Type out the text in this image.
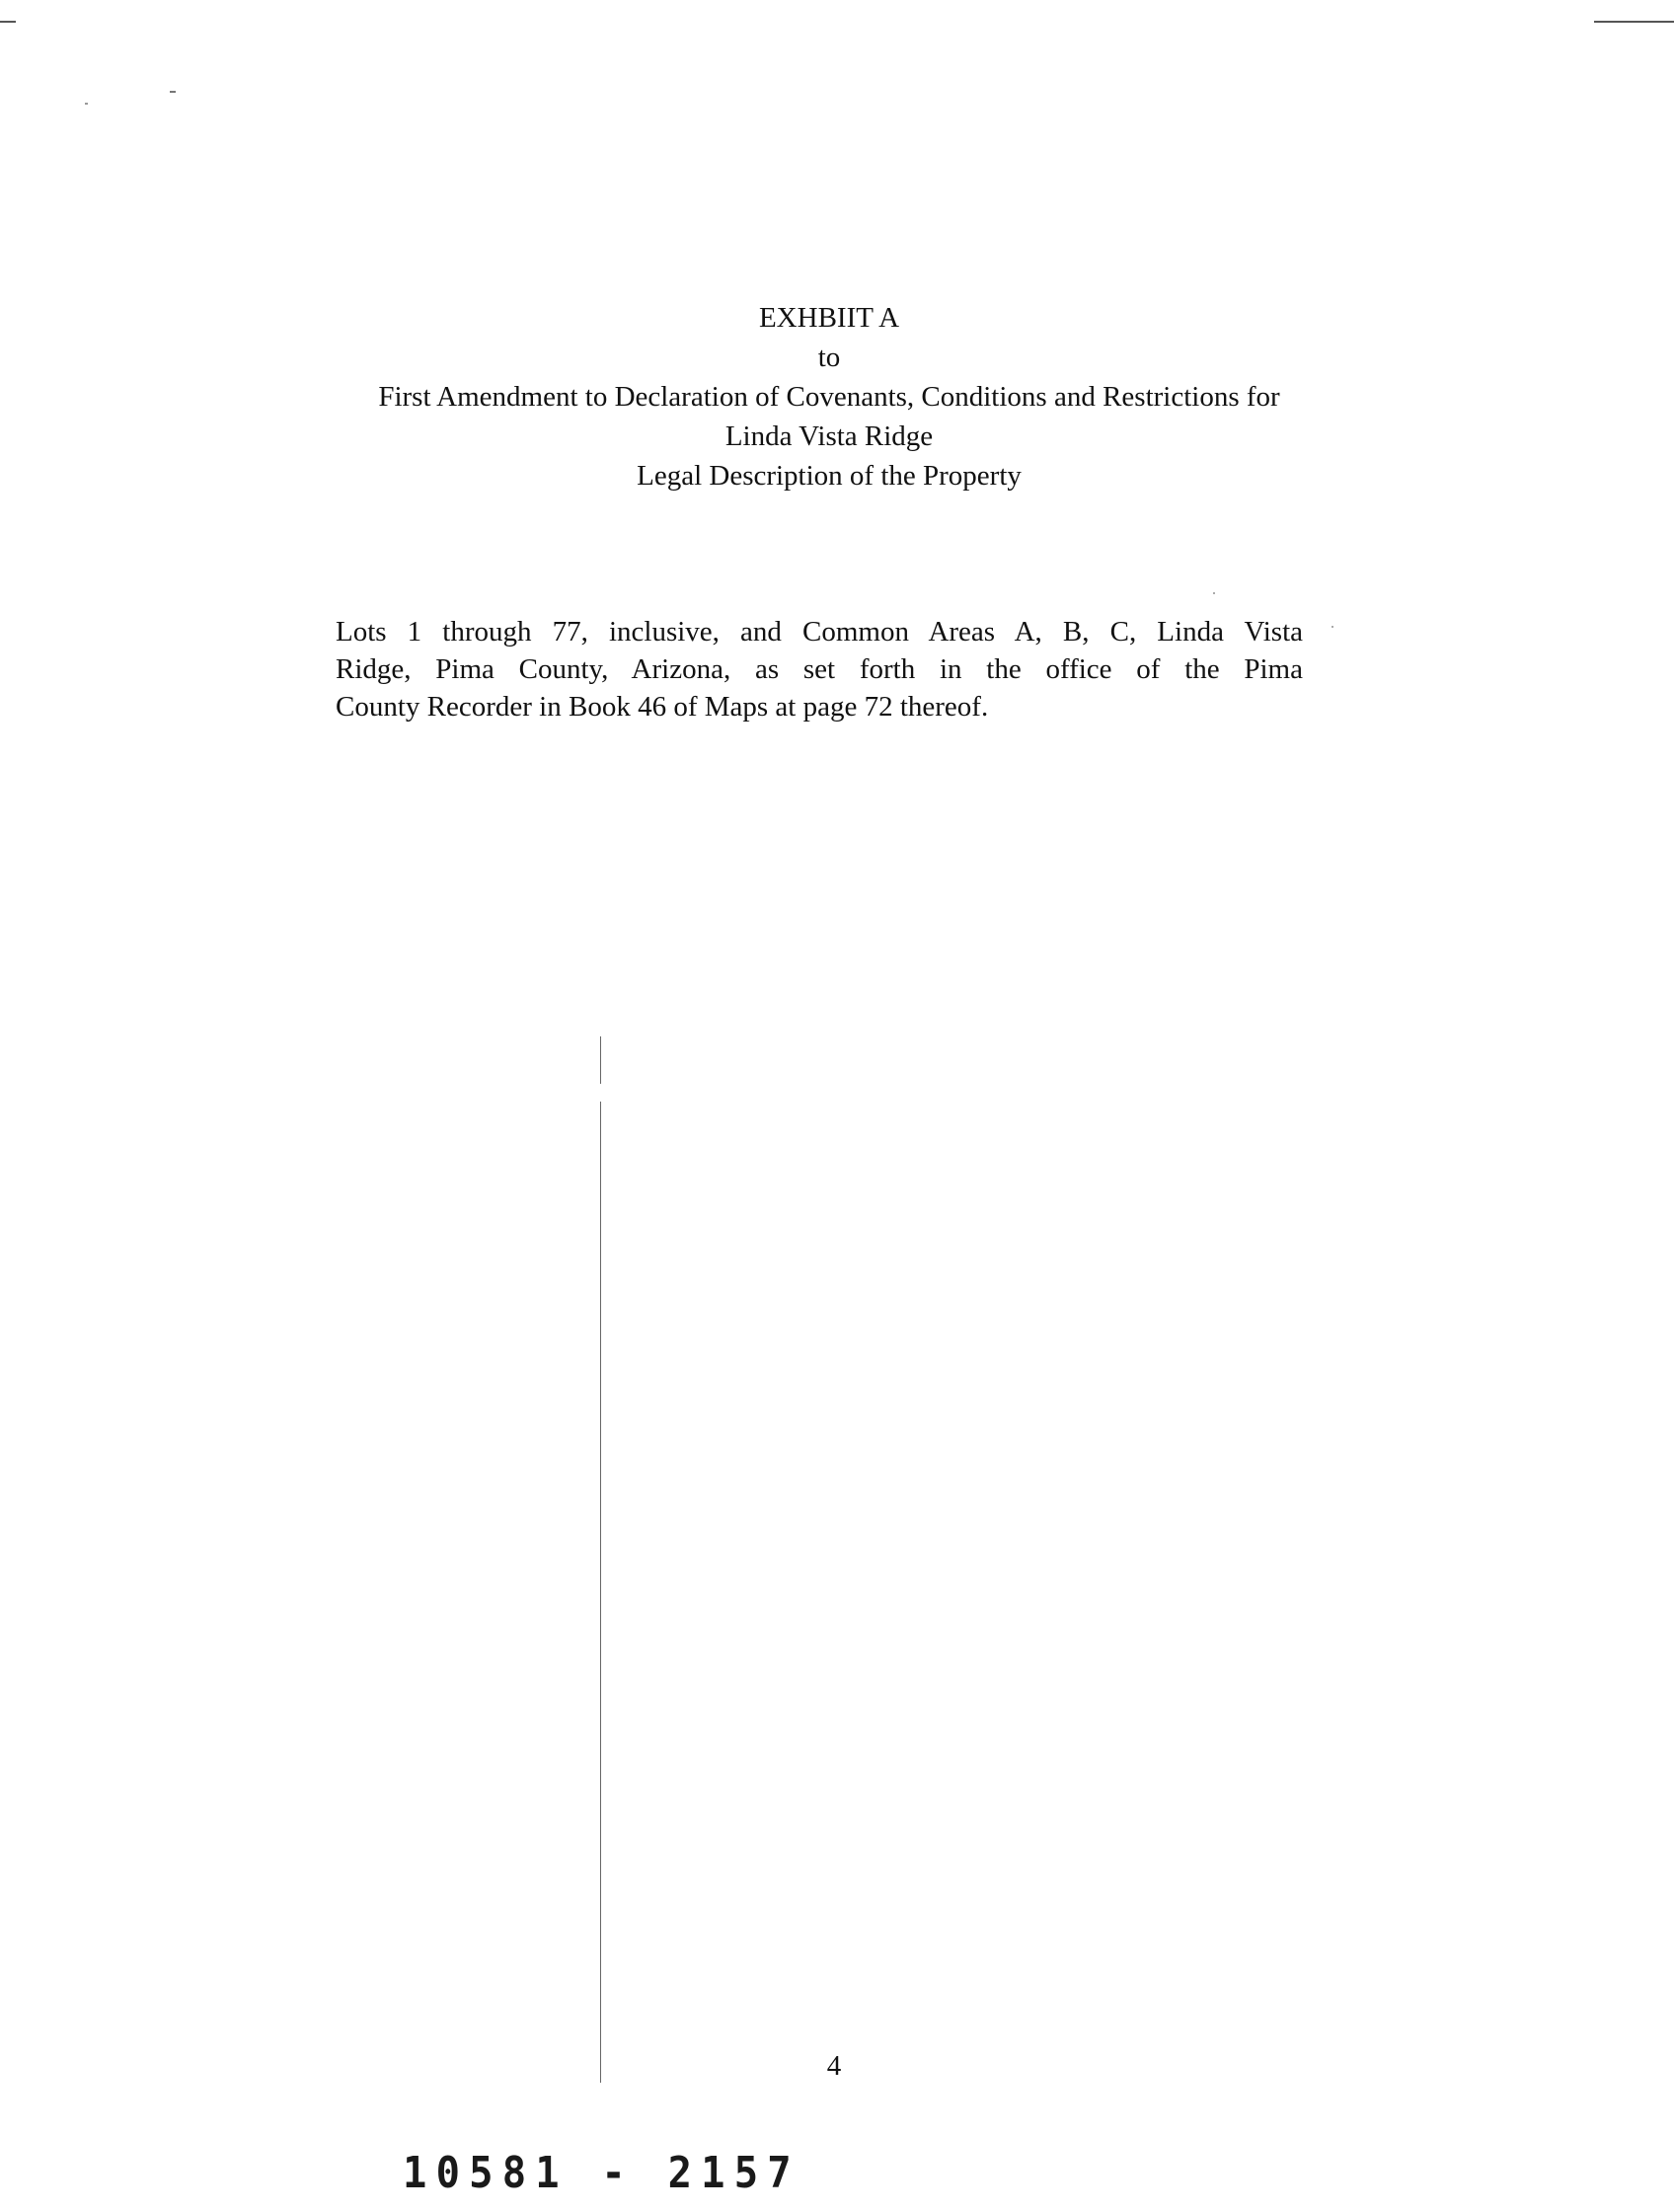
EXHBIIT A
to
First Amendment to Declaration of Covenants, Conditions and Restrictions for
Linda Vista Ridge
Legal Description of the Property
Lots 1 through 77, inclusive, and Common Areas A, B, C, Linda Vista
Ridge, Pima County, Arizona, as set forth in the office of the Pima
County Recorder in Book 46 of Maps at page 72 thereof.
4
10581 - 2157
